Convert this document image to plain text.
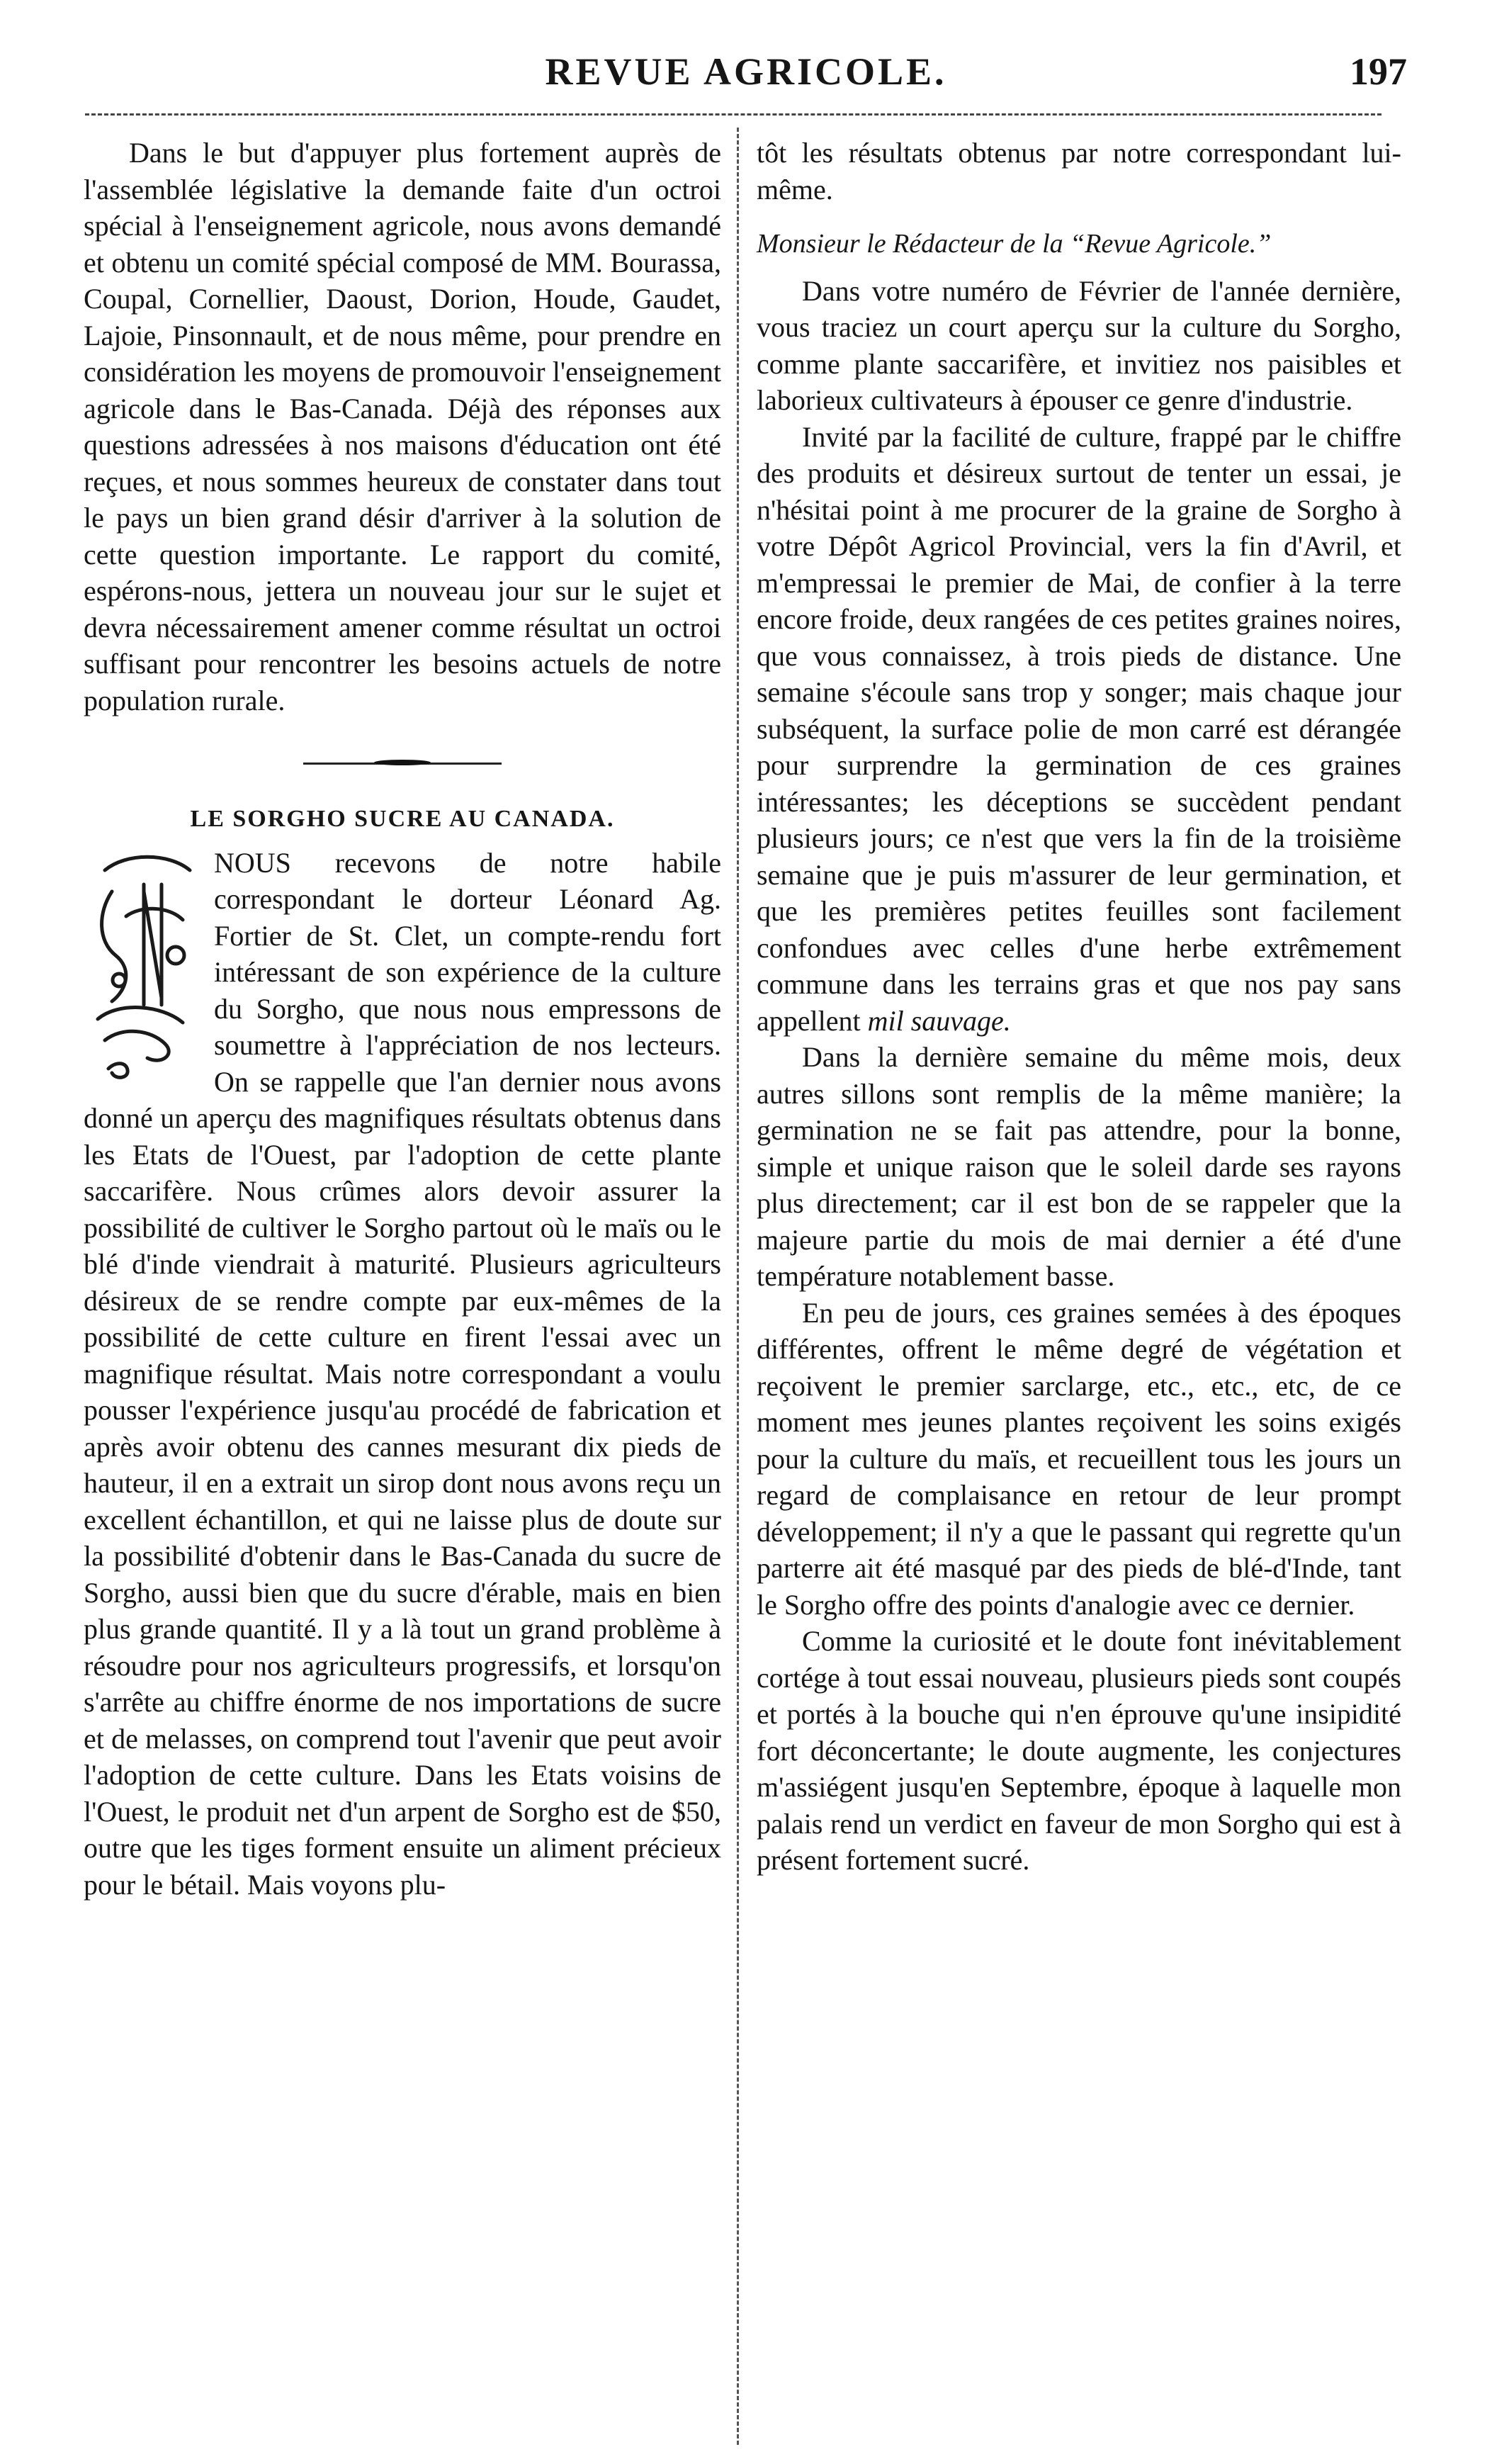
REVUE AGRICOLE.	197

Dans le but d'appuyer plus fortement auprès de l'assemblée législative la demande faite d'un octroi spécial à l'enseignement agricole, nous avons demandé et obtenu un comité spécial composé de MM. Bourassa, Coupal, Cornellier, Daoust, Dorion, Houde, Gaudet, Lajoie, Pinsonnault, et de nous même, pour prendre en considération les moyens de promouvoir l'enseignement agricole dans le Bas-Canada. Déjà des réponses aux questions adressées à nos maisons d'éducation ont été reçues, et nous sommes heureux de constater dans tout le pays un bien grand désir d'arriver à la solution de cette question importante. Le rapport du comité, espérons-nous, jettera un nouveau jour sur le sujet et devra nécessairement amener comme résultat un octroi suffisant pour rencontrer les besoins actuels de notre population rurale.

LE SORGHO SUCRE AU CANADA.

NOUS recevons de notre habile correspondant le dorteur Léonard Ag. Fortier de St. Clet, un compte-rendu fort intéressant de son expérience de la culture du Sorgho, que nous nous empressons de soumettre à l'appréciation de nos lecteurs. On se rappelle que l'an dernier nous avons donné un aperçu des magnifiques résultats obtenus dans les Etats de l'Ouest, par l'adoption de cette plante saccarifère. Nous crûmes alors devoir assurer la possibilité de cultiver le Sorgho partout où le maïs ou le blé d'inde viendrait à maturité. Plusieurs agriculteurs désireux de se rendre compte par eux-mêmes de la possibilité de cette culture en firent l'essai avec un magnifique résultat. Mais notre correspondant a voulu pousser l'expérience jusqu'au procédé de fabrication et après avoir obtenu des cannes mesurant dix pieds de hauteur, il en a extrait un sirop dont nous avons reçu un excellent échantillon, et qui ne laisse plus de doute sur la possibilité d'obtenir dans le Bas-Canada du sucre de Sorgho, aussi bien que du sucre d'érable, mais en bien plus grande quantité. Il y a là tout un grand problème à résoudre pour nos agriculteurs progressifs, et lorsqu'on s'arrête au chiffre énorme de nos importations de sucre et de melasses, on comprend tout l'avenir que peut avoir l'adoption de cette culture. Dans les Etats voisins de l'Ouest, le produit net d'un arpent de Sorgho est de $50, outre que les tiges forment ensuite un aliment précieux pour le bétail. Mais voyons plu-

tôt les résultats obtenus par notre correspondant lui-même.

Monsieur le Rédacteur de la “Revue Agricole.”

Dans votre numéro de Février de l'année dernière, vous traciez un court aperçu sur la culture du Sorgho, comme plante saccarifère, et invitiez nos paisibles et laborieux cultivateurs à épouser ce genre d'industrie.

Invité par la facilité de culture, frappé par le chiffre des produits et désireux surtout de tenter un essai, je n'hésitai point à me procurer de la graine de Sorgho à votre Dépôt Agricol Provincial, vers la fin d'Avril, et m'empressai le premier de Mai, de confier à la terre encore froide, deux rangées de ces petites graines noires, que vous connaissez, à trois pieds de distance. Une semaine s'écoule sans trop y songer; mais chaque jour subséquent, la surface polie de mon carré est dérangée pour surprendre la germination de ces graines intéressantes; les déceptions se succèdent pendant plusieurs jours; ce n'est que vers la fin de la troisième semaine que je puis m'assurer de leur germination, et que les premières petites feuilles sont facilement confondues avec celles d'une herbe extrêmement commune dans les terrains gras et que nos pay sans appellent mil sauvage.

Dans la dernière semaine du même mois, deux autres sillons sont remplis de la même manière; la germination ne se fait pas attendre, pour la bonne, simple et unique raison que le soleil darde ses rayons plus directement; car il est bon de se rappeler que la majeure partie du mois de mai dernier a été d'une température notablement basse.

En peu de jours, ces graines semées à des époques différentes, offrent le même degré de végétation et reçoivent le premier sarclarge, etc., etc., etc, de ce moment mes jeunes plantes reçoivent les soins exigés pour la culture du maïs, et recueillent tous les jours un regard de complaisance en retour de leur prompt développement; il n'y a que le passant qui regrette qu'un parterre ait été masqué par des pieds de blé-d'Inde, tant le Sorgho offre des points d'analogie avec ce dernier.

Comme la curiosité et le doute font inévitablement cortége à tout essai nouveau, plusieurs pieds sont coupés et portés à la bouche qui n'en éprouve qu'une insipidité fort déconcertante; le doute augmente, les conjectures m'assiégent jusqu'en Septembre, époque à laquelle mon palais rend un verdict en faveur de mon Sorgho qui est à présent fortement sucré.
